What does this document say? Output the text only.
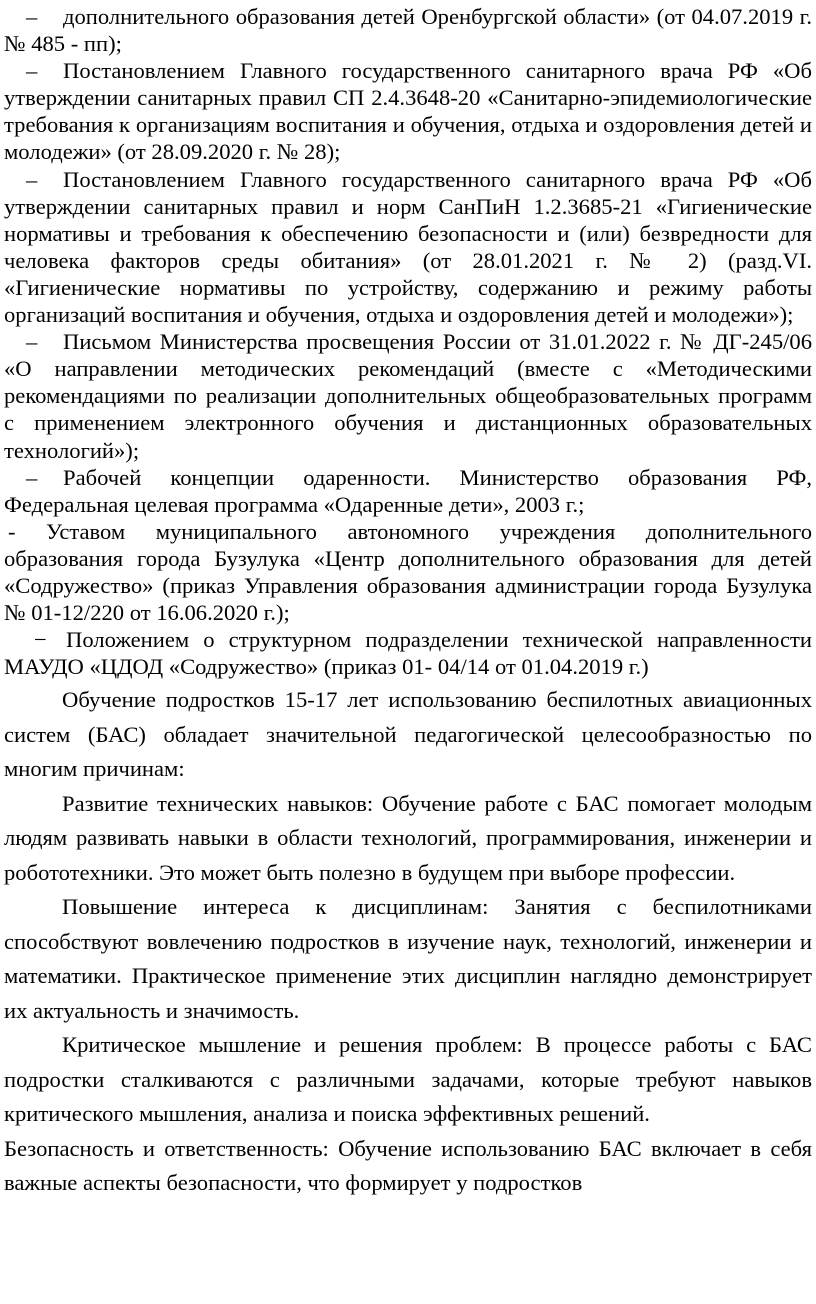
– дополнительного образования детей Оренбургской области» (от 04.07.2019 г. № 485 - пп);

– Постановлением Главного государственного санитарного врача РФ «Об утверждении санитарных правил СП 2.4.3648-20 «Санитарно-эпидемиологические требования к организациям воспитания и обучения, отдыха и оздоровления детей и молодежи» (от 28.09.2020 г. № 28);

– Постановлением Главного государственного санитарного врача РФ «Об утверждении санитарных правил и норм СанПиН 1.2.3685-21 «Гигиенические нормативы и требования к обеспечению безопасности и (или) безвредности для человека факторов среды обитания» (от 28.01.2021 г. № 2) (разд.VI. «Гигиенические нормативы по устройству, содержанию и режиму работы организаций воспитания и обучения, отдыха и оздоровления детей и молодежи»);

– Письмом Министерства просвещения России от 31.01.2022 г. № ДГ-245/06 «О направлении методических рекомендаций (вместе с «Методическими рекомендациями по реализации дополнительных общеобразовательных программ с применением электронного обучения и дистанционных образовательных технологий»);

– Рабочей концепции одаренности. Министерство образования РФ, Федеральная целевая программа «Одаренные дети», 2003 г.;

- Уставом муниципального автономного учреждения дополнительного образования города Бузулука «Центр дополнительного образования для детей «Содружество» (приказ Управления образования администрации города Бузулука № 01-12/220 от 16.06.2020 г.);

− Положением о структурном подразделении технической направленности МАУДО «ЦДОД «Содружество» (приказ 01- 04/14 от 01.04.2019 г.)

Обучение подростков 15-17 лет использованию беспилотных авиационных систем (БАС) обладает значительной педагогической целесообразностью по многим причинам:

Развитие технических навыков: Обучение работе с БАС помогает молодым людям развивать навыки в области технологий, программирования, инженерии и робототехники. Это может быть полезно в будущем при выборе профессии.

Повышение интереса к дисциплинам: Занятия с беспилотниками способствуют вовлечению подростков в изучение наук, технологий, инженерии и математики. Практическое применение этих дисциплин наглядно демонстрирует их актуальность и значимость.

Критическое мышление и решения проблем: В процессе работы с БАС подростки сталкиваются с различными задачами, которые требуют навыков критического мышления, анализа и поиска эффективных решений.

Безопасность и ответственность: Обучение использованию БАС включает в себя важные аспекты безопасности, что формирует у подростков
